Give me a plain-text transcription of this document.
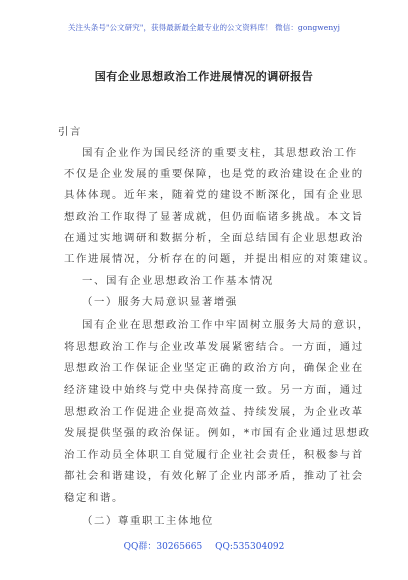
关注头条号"公文研究"，获得最新最全最专业的公文资料库！ 微信：gongwenyj
国有企业思想政治工作进展情况的调研报告
引言
国有企业作为国民经济的重要支柱，其思想政治工作
不仅是企业发展的重要保障，也是党的政治建设在企业的
具体体现。近年来，随着党的建设不断深化，国有企业思
想政治工作取得了显著成就，但仍面临诸多挑战。本文旨
在通过实地调研和数据分析，全面总结国有企业思想政治
工作进展情况，分析存在的问题，并提出相应的对策建议。
一、国有企业思想政治工作基本情况
（一）服务大局意识显著增强
国有企业在思想政治工作中牢固树立服务大局的意识，
将思想政治工作与企业改革发展紧密结合。一方面，通过
思想政治工作保证企业坚定正确的政治方向，确保企业在
经济建设中始终与党中央保持高度一致。另一方面，通过
思想政治工作促进企业提高效益、持续发展，为企业改革
发展提供坚强的政治保证。例如，*市国有企业通过思想政
治工作动员全体职工自觉履行企业社会责任，积极参与首
都社会和谐建设，有效化解了企业内部矛盾，推动了社会
稳定和谐。
（二）尊重职工主体地位
QQ群：30265665 QQ:535304092
